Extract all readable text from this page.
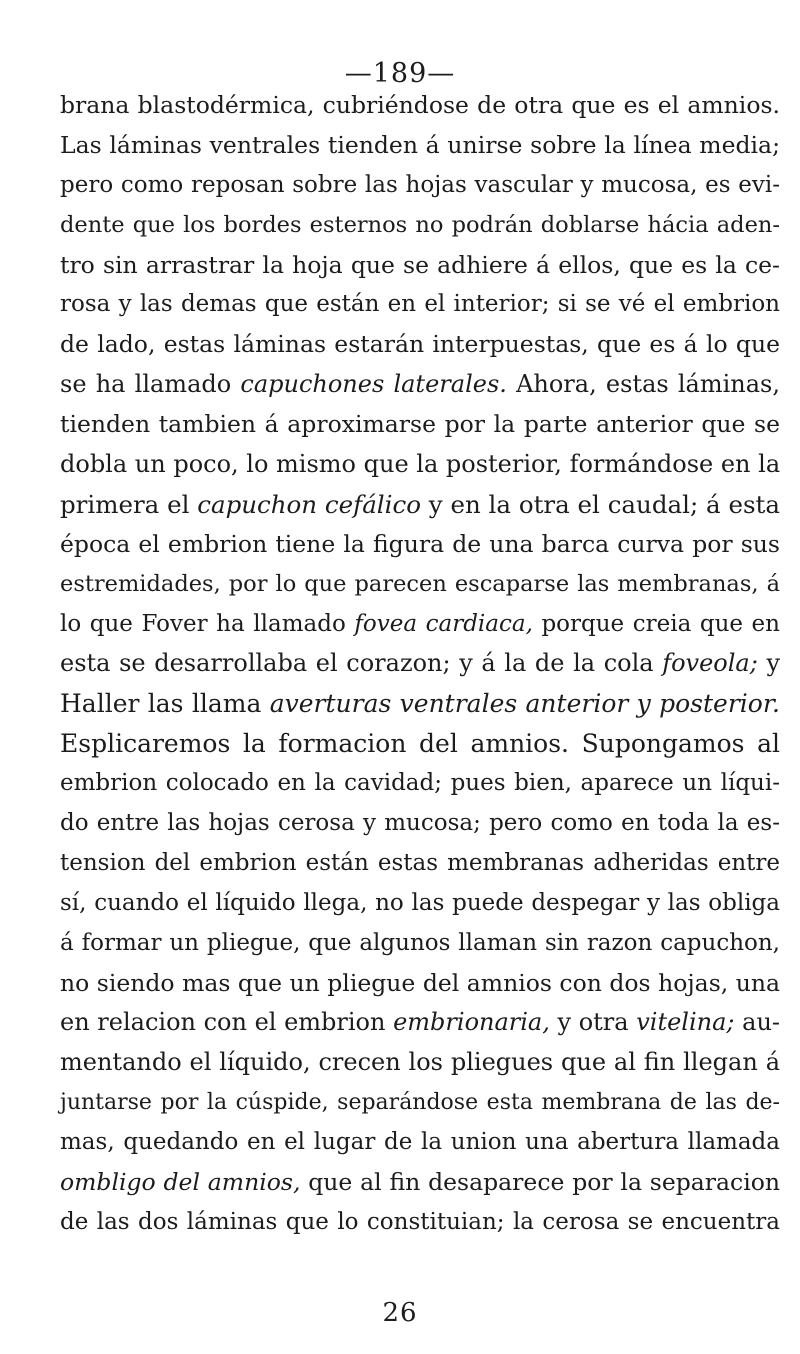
—189—
brana blastodérmica, cubriéndose de otra que es el amnios.
Las láminas ventrales tienden á unirse sobre la línea media;
pero como reposan sobre las hojas vascular y mucosa, es evi-
dente que los bordes esternos no podrán doblarse hácia aden-
tro sin arrastrar la hoja que se adhiere á ellos, que es la ce-
rosa y las demas que están en el interior; si se vé el embrion
de lado, estas láminas estarán interpuestas, que es á lo que
se ha llamado capuchones laterales. Ahora, estas láminas,
tienden tambien á aproximarse por la parte anterior que se
dobla un poco, lo mismo que la posterior, formándose en la
primera el capuchon cefálico y en la otra el caudal; á esta
época el embrion tiene la figura de una barca curva por sus
estremidades, por lo que parecen escaparse las membranas, á
lo que Fover ha llamado fovea cardiaca, porque creia que en
esta se desarrollaba el corazon; y á la de la cola foveola; y
Haller las llama averturas ventrales anterior y posterior.
Esplicaremos la formacion del amnios. Supongamos al
embrion colocado en la cavidad; pues bien, aparece un líqui-
do entre las hojas cerosa y mucosa; pero como en toda la es-
tension del embrion están estas membranas adheridas entre
sí, cuando el líquido llega, no las puede despegar y las obliga
á formar un pliegue, que algunos llaman sin razon capuchon,
no siendo mas que un pliegue del amnios con dos hojas, una
en relacion con el embrion embrionaria, y otra vitelina; au-
mentando el líquido, crecen los pliegues que al fin llegan á
juntarse por la cúspide, separándose esta membrana de las de-
mas, quedando en el lugar de la union una abertura llamada
ombligo del amnios, que al fin desaparece por la separacion
de las dos láminas que lo constituian; la cerosa se encuentra
26
